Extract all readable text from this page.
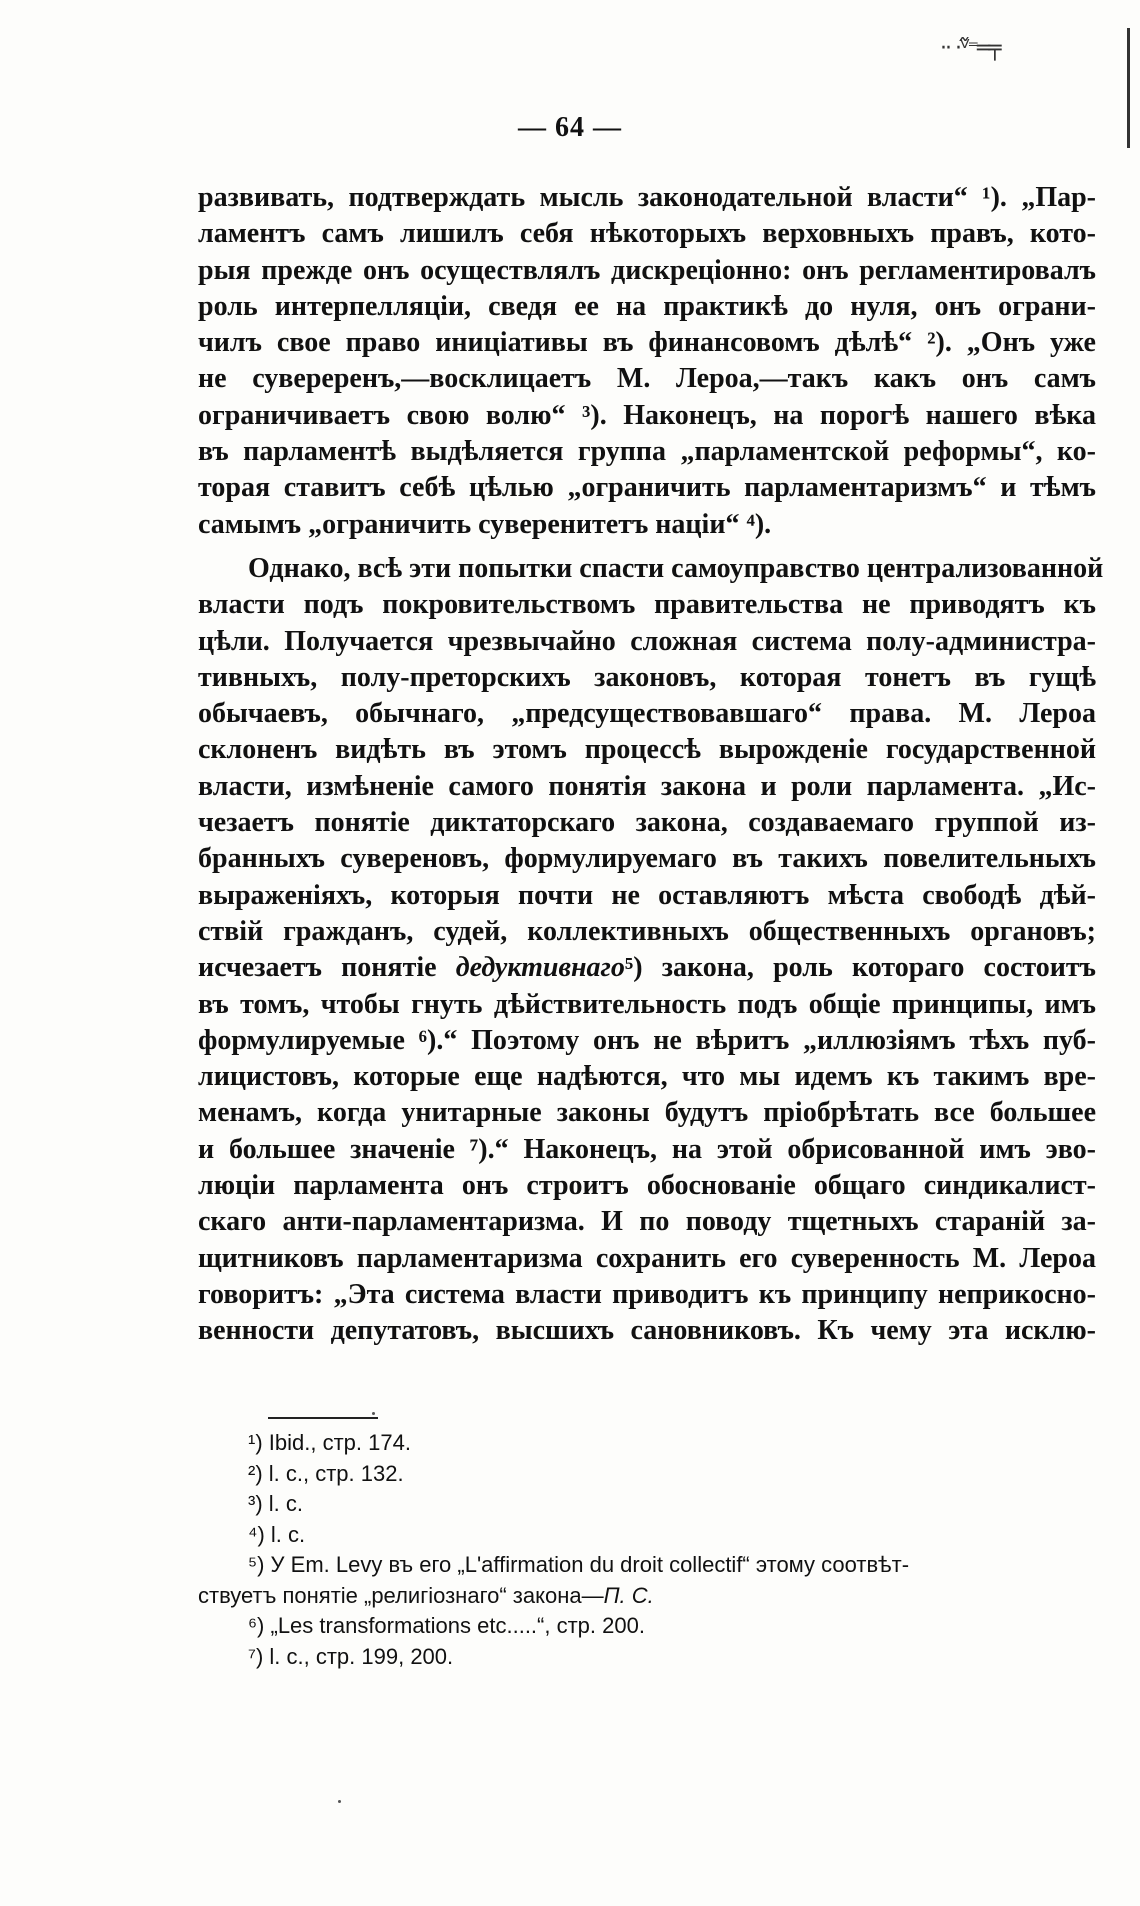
·· ·ⱽ᷉⁼═╤
— 64 —
развивать, подтверждать мысль законодательной власти“ ¹). „Пар-
ламентъ самъ лишилъ себя нѣкоторыхъ верховныхъ правъ, кото-
рыя прежде онъ осуществлялъ дискреціонно: онъ регламентировалъ
роль интерпелляціи, сведя ее на практикѣ до нуля, онъ ограни-
чилъ свое право иниціативы въ финансовомъ дѣлѣ“ ²). „Онъ уже
не сувереренъ,—восклицаетъ М. Лероа,—такъ какъ онъ самъ
ограничиваетъ свою волю“ ³). Наконецъ, на порогѣ нашего вѣка
въ парламентѣ выдѣляется группа „парламентской реформы“, ко-
торая ставитъ себѣ цѣлью „ограничить парламентаризмъ“ и тѣмъ
самымъ „ограничить суверенитетъ націи“ ⁴).
Однако, всѣ эти попытки спасти самоуправство централизованной
власти подъ покровительствомъ правительства не приводятъ къ
цѣли. Получается чрезвычайно сложная система полу-администра-
тивныхъ, полу-преторскихъ законовъ, которая тонетъ въ гущѣ
обычаевъ, обычнаго, „предсуществовавшаго“ права. М. Лероа
склоненъ видѣть въ этомъ процессѣ вырожденіе государственной
власти, измѣненіе самого понятія закона и роли парламента. „Ис-
чезаетъ понятіе диктаторскаго закона, создаваемаго группой из-
бранныхъ сувереновъ, формулируемаго въ такихъ повелительныхъ
выраженіяхъ, которыя почти не оставляютъ мѣста свободѣ дѣй-
ствій гражданъ, судей, коллективныхъ общественныхъ органовъ;
исчезаетъ понятіе дедуктивнаго⁵) закона, роль котораго состоитъ
въ томъ, чтобы гнуть дѣйствительность подъ общіе принципы, имъ
формулируемые ⁶).“ Поэтому онъ не вѣритъ „иллюзіямъ тѣхъ пуб-
лицистовъ, которые еще надѣются, что мы идемъ къ такимъ вре-
менамъ, когда унитарные законы будутъ пріобрѣтать все большее
и большее значеніе ⁷).“ Наконецъ, на этой обрисованной имъ эво-
люціи парламента онъ строитъ обоснованіе общаго синдикалист-
скаго анти-парламентаризма. И по поводу тщетныхъ стараній за-
щитниковъ парламентаризма сохранить его суверенность М. Лероа
говоритъ: „Эта система власти приводитъ къ принципу неприкосно-
венности депутатовъ, высшихъ сановниковъ. Къ чему эта исклю-
¹) Ibid., стр. 174.
²) l. c., стр. 132.
³) l. c.
⁴) l. c.
⁵) У Em. Levy въ его „L'affirmation du droit collectif“ этому соотвѣт-
ствуетъ понятіе „религіознаго“ закона—П. С.
⁶) „Les transformations etc.....“, стр. 200.
⁷) l. c., стр. 199, 200.
